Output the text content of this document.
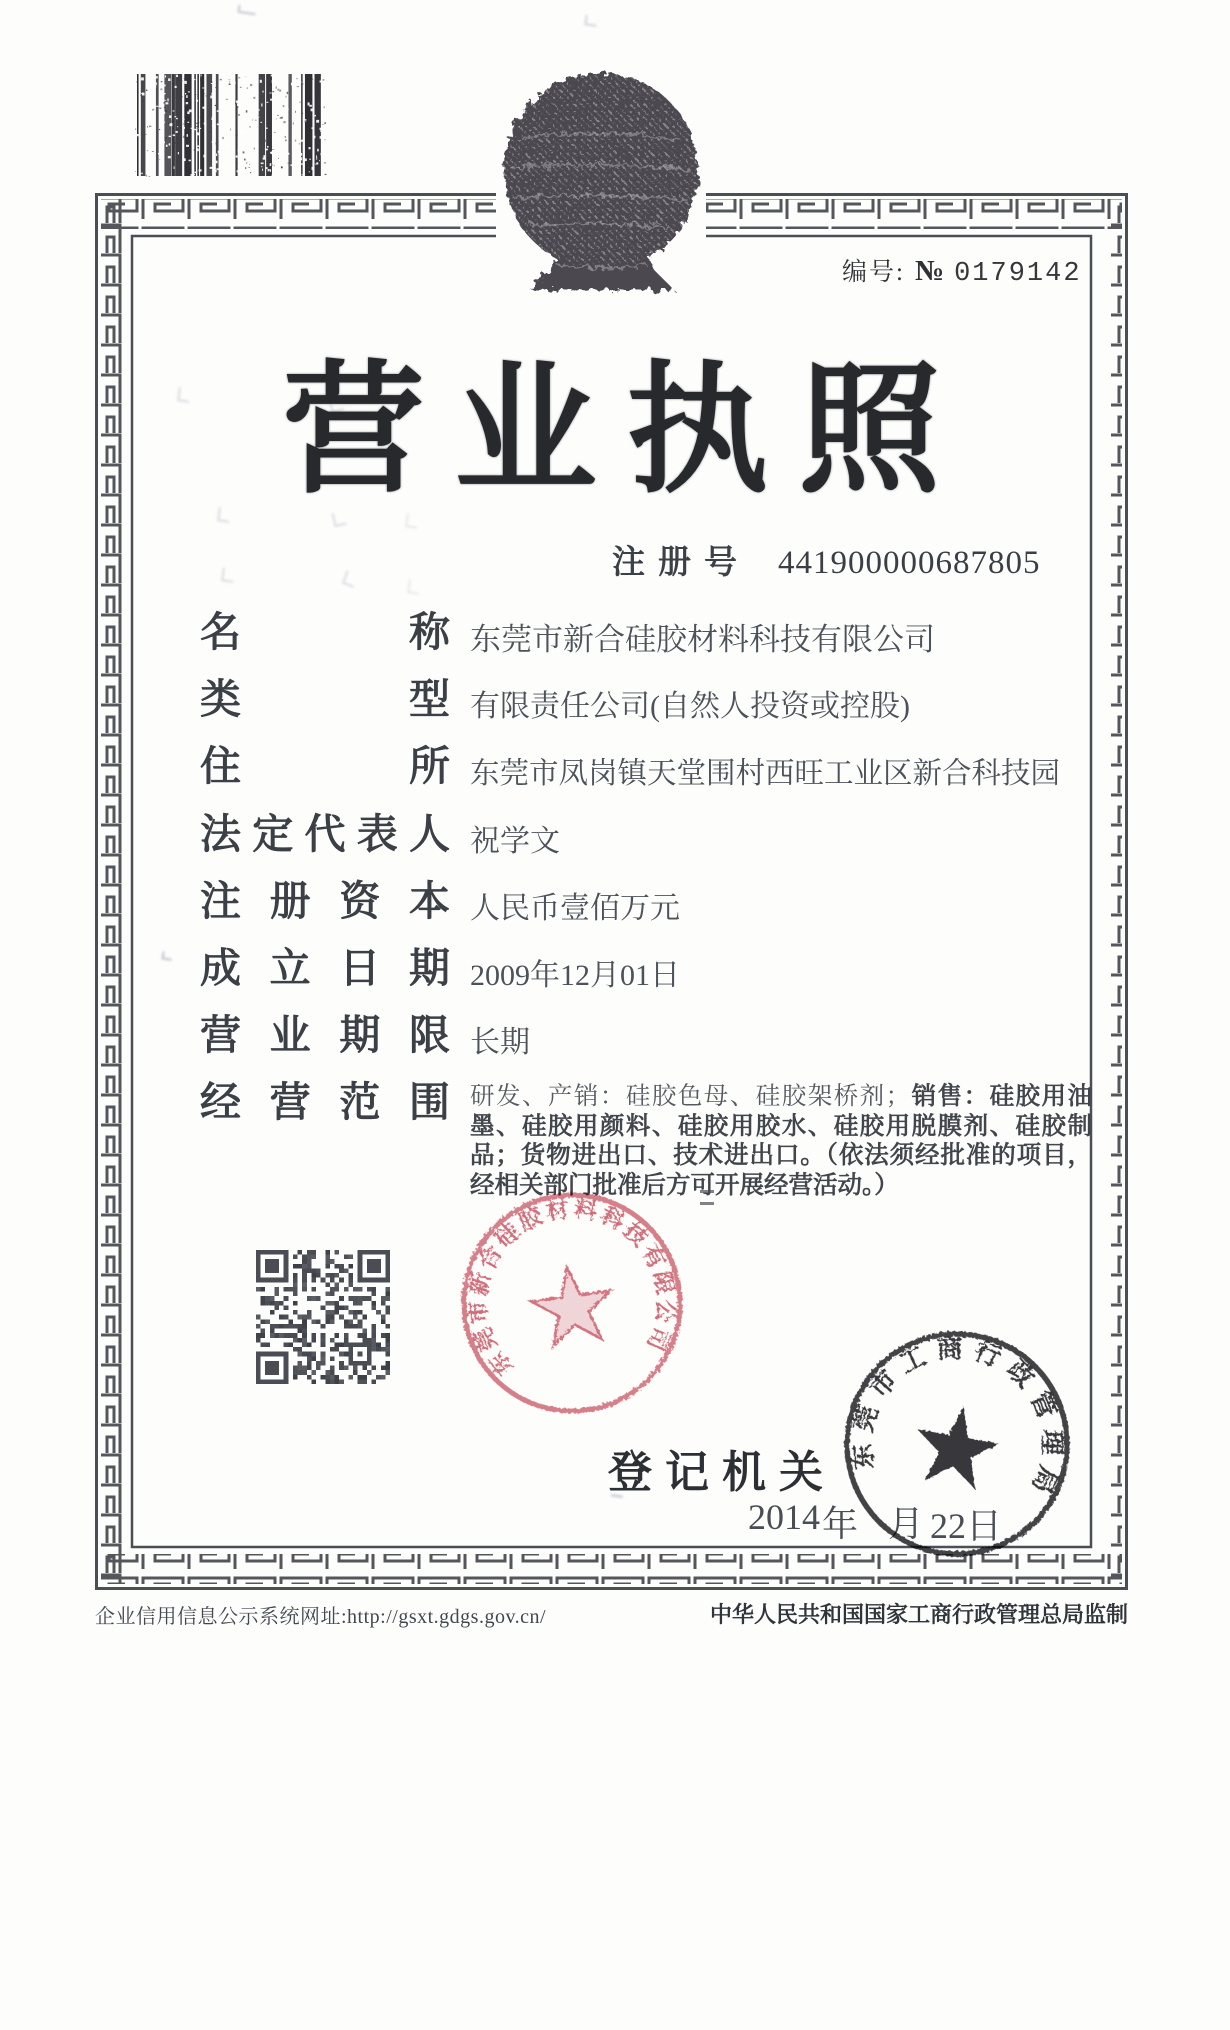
编号: № 0179142
营业执照
注册号 441900000687805
名	称 东莞市新合硅胶材料科技有限公司
类	型 有限责任公司(自然人投资或控股)
住	所 东莞市凤岗镇天堂围村西旺工业区新合科技园
法 定 代 表 人 祝学文
注 册 资 本 人民币壹佰万元
成 立 日 期 2009年12月01日
营 业 期 限 长期
经 营 范 围 研发、产销：硅胶色母、硅胶架桥剂；销售：硅胶用油墨、硅胶用颜料、硅胶用胶水、硅胶用脱膜剂、硅胶制品；货物进出口、技术进出口。（依法须经批准的项目，经相关部门批准后方可开展经营活动。）
东莞市新合硅胶材料科技有限公司
登记机关
2014 年 月 22日
东莞市工商行政管理局
企业信用信息公示系统网址:http://gsxt.gdgs.gov.cn/	中华人民共和国国家工商行政管理总局监制
